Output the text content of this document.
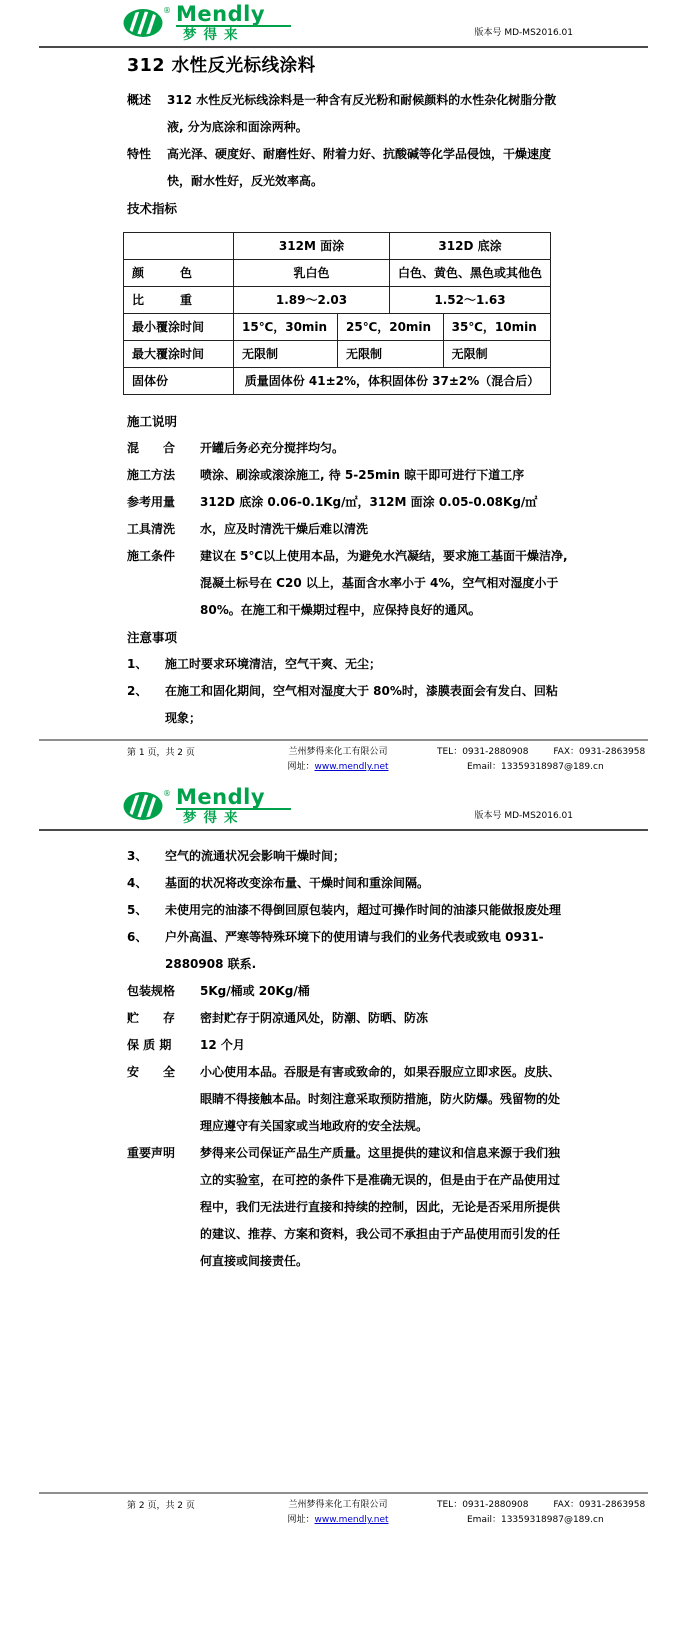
® Mendly
梦得来	版本号 MD-MS2016.01
312 水性反光标线涂料
概述	312 水性反光标线涂料是一种含有反光粉和耐候颜料的水性杂化树脂分散液, 分为底涂和面涂两种。
特性	高光泽、硬度好、耐磨性好、附着力好、抗酸碱等化学品侵蚀，干燥速度快，耐水性好，反光效率高。
技术指标
	312M 面涂		312D 底涂	
颜　　　色	乳白色		白色、黄色、黑色或其他色	
比　　　重	1.89～2.03		1.52～1.63	
最小覆涂时间	15℃，30min	25℃，20min		35℃，10min
最大覆涂时间	无限制	无限制		无限制
固体份	质量固体份 41±2%，体积固体份 37±2%（混合后）			
施工说明
混　　合	开罐后务必充分搅拌均匀。
施工方法	喷涂、刷涂或滚涂施工, 待 5-25min 晾干即可进行下道工序
参考用量	312D 底涂 0.06-0.1Kg/㎡，312M 面涂 0.05-0.08Kg/㎡
工具清洗	水，应及时清洗干燥后难以清洗
施工条件	建议在 5℃以上使用本品，为避免水汽凝结，要求施工基面干燥洁净, 混凝土标号在 C20 以上，基面含水率小于 4%，空气相对湿度小于 80%。在施工和干燥期过程中，应保持良好的通风。
注意事项
1、	施工时要求环境清洁，空气干爽、无尘；
2、	在施工和固化期间，空气相对湿度大于 80%时，漆膜表面会有发白、回粘现象；
第 1 页，共 2 页	兰州梦得来化工有限公司
网址：www.mendly.net
TEL：0931-2880908	FAX：0931-2863958
Email：13359318987@189.cn
® Mendly
梦得来	版本号 MD-MS2016.01
3、	空气的流通状况会影响干燥时间；
4、	基面的状况将改变涂布量、干燥时间和重涂间隔。
5、	未使用完的油漆不得倒回原包装内，超过可操作时间的油漆只能做报废处理
6、	户外高温、严寒等特殊环境下的使用请与我们的业务代表或致电 0931-2880908 联系.
包装规格	5Kg/桶或 20Kg/桶
贮　　存	密封贮存于阴凉通风处，防潮、防晒、防冻
保 质 期	12 个月
安　　全	小心使用本品。吞服是有害或致命的，如果吞服应立即求医。皮肤、眼睛不得接触本品。时刻注意采取预防措施，防火防爆。残留物的处理应遵守有关国家或当地政府的安全法规。
重要声明	梦得来公司保证产品生产质量。这里提供的建议和信息来源于我们独立的实验室，在可控的条件下是准确无误的，但是由于在产品使用过程中，我们无法进行直接和持续的控制，因此，无论是否采用所提供的建议、推荐、方案和资料，我公司不承担由于产品使用而引发的任何直接或间接责任。
第 2 页，共 2 页	兰州梦得来化工有限公司
网址：www.mendly.net
TEL：0931-2880908	FAX：0931-2863958
Email：13359318987@189.cn
